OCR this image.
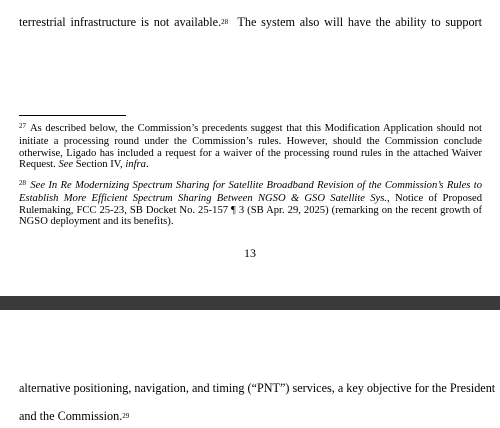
terrestrial infrastructure is not available.$^{28}$  The system also will have the ability to support
$^{27}$ As described below, the Commission’s precedents suggest that this Modification Application should not initiate a processing round under the Commission’s rules. However, should the Commission conclude otherwise, Ligado has included a request for a waiver of the processing round rules in the attached Waiver Request. See Section IV, infra.
$^{28}$ See In Re Modernizing Spectrum Sharing for Satellite Broadband Revision of the Commission’s Rules to Establish More Efficient Spectrum Sharing Between NGSO & GSO Satellite Sys., Notice of Proposed Rulemaking, FCC 25-23, SB Docket No. 25-157 ¶ 3 (SB Apr. 29, 2025) (remarking on the recent growth of NGSO deployment and its benefits).
13
alternative positioning, navigation, and timing (“PNT”) services, a key objective for the President
and the Commission.$^{29}$
